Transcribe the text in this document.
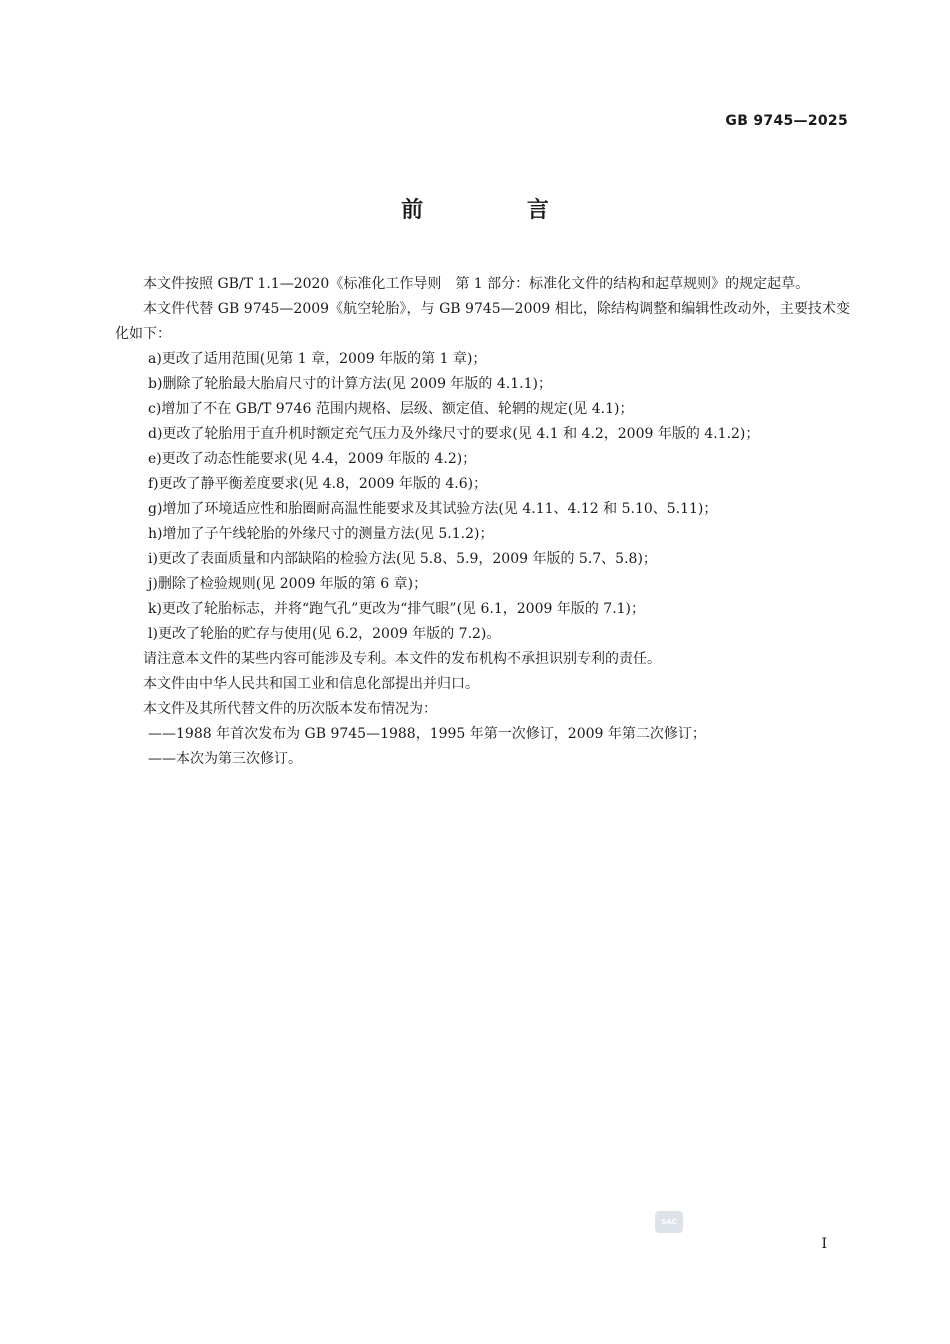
GB 9745—2025
前 言

本文件按照 GB/T 1.1—2020《标准化工作导则　第 1 部分：标准化文件的结构和起草规则》的规定起草。

本文件代替 GB 9745—2009《航空轮胎》，与 GB 9745—2009 相比，除结构调整和编辑性改动外，主要技术变化如下：

a)更改了适用范围(见第 1 章，2009 年版的第 1 章)；

b)删除了轮胎最大胎肩尺寸的计算方法(见 2009 年版的 4.1.1)；

c)增加了不在 GB/T 9746 范围内规格、层级、额定值、轮辋的规定(见 4.1)；

d)更改了轮胎用于直升机时额定充气压力及外缘尺寸的要求(见 4.1 和 4.2，2009 年版的 4.1.2)；

e)更改了动态性能要求(见 4.4，2009 年版的 4.2)；

f)更改了静平衡差度要求(见 4.8，2009 年版的 4.6)；

g)增加了环境适应性和胎圈耐高温性能要求及其试验方法(见 4.11、4.12 和 5.10、5.11)；

h)增加了子午线轮胎的外缘尺寸的测量方法(见 5.1.2)；

i)更改了表面质量和内部缺陷的检验方法(见 5.8、5.9，2009 年版的 5.7、5.8)；

j)删除了检验规则(见 2009 年版的第 6 章)；

k)更改了轮胎标志，并将“跑气孔”更改为“排气眼”(见 6.1，2009 年版的 7.1)；

l)更改了轮胎的贮存与使用(见 6.2，2009 年版的 7.2)。

请注意本文件的某些内容可能涉及专利。本文件的发布机构不承担识别专利的责任。

本文件由中华人民共和国工业和信息化部提出并归口。

本文件及其所代替文件的历次版本发布情况为：

——1988 年首次发布为 GB 9745—1988，1995 年第一次修订，2009 年第二次修订；

——本次为第三次修订。

SAC
I
